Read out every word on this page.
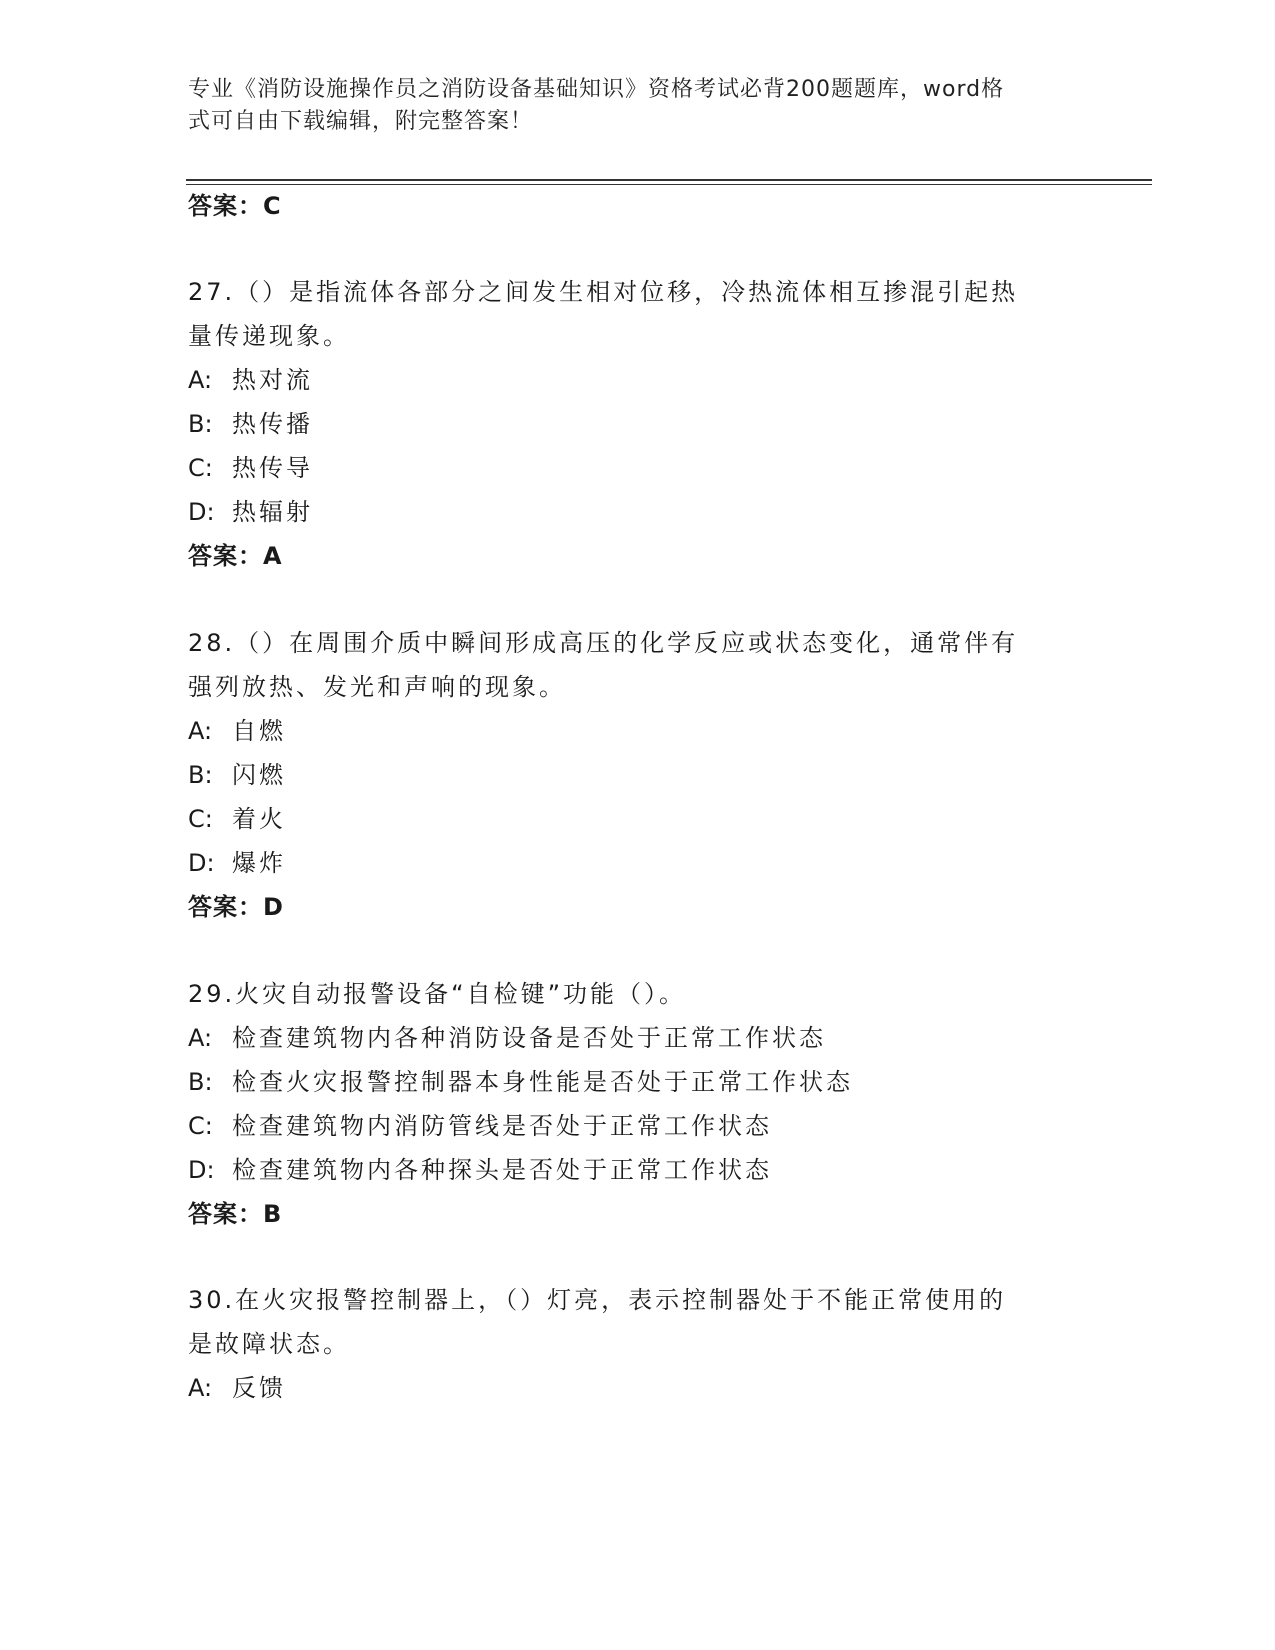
专业《消防设施操作员之消防设备基础知识》资格考试必背200题题库，word格
式可自由下载编辑，附完整答案！
答案：C
27.（）是指流体各部分之间发生相对位移，冷热流体相互掺混引起热
量传递现象。
A: 热对流
B: 热传播
C: 热传导
D: 热辐射
答案：A
28.（）在周围介质中瞬间形成高压的化学反应或状态变化，通常伴有
强列放热、发光和声响的现象。
A: 自燃
B: 闪燃
C: 着火
D: 爆炸
答案：D
29.火灾自动报警设备“自检键”功能（）。
A: 检查建筑物内各种消防设备是否处于正常工作状态
B: 检查火灾报警控制器本身性能是否处于正常工作状态
C: 检查建筑物内消防管线是否处于正常工作状态
D: 检查建筑物内各种探头是否处于正常工作状态
答案：B
30.在火灾报警控制器上，（）灯亮，表示控制器处于不能正常使用的
是故障状态。
A: 反馈
